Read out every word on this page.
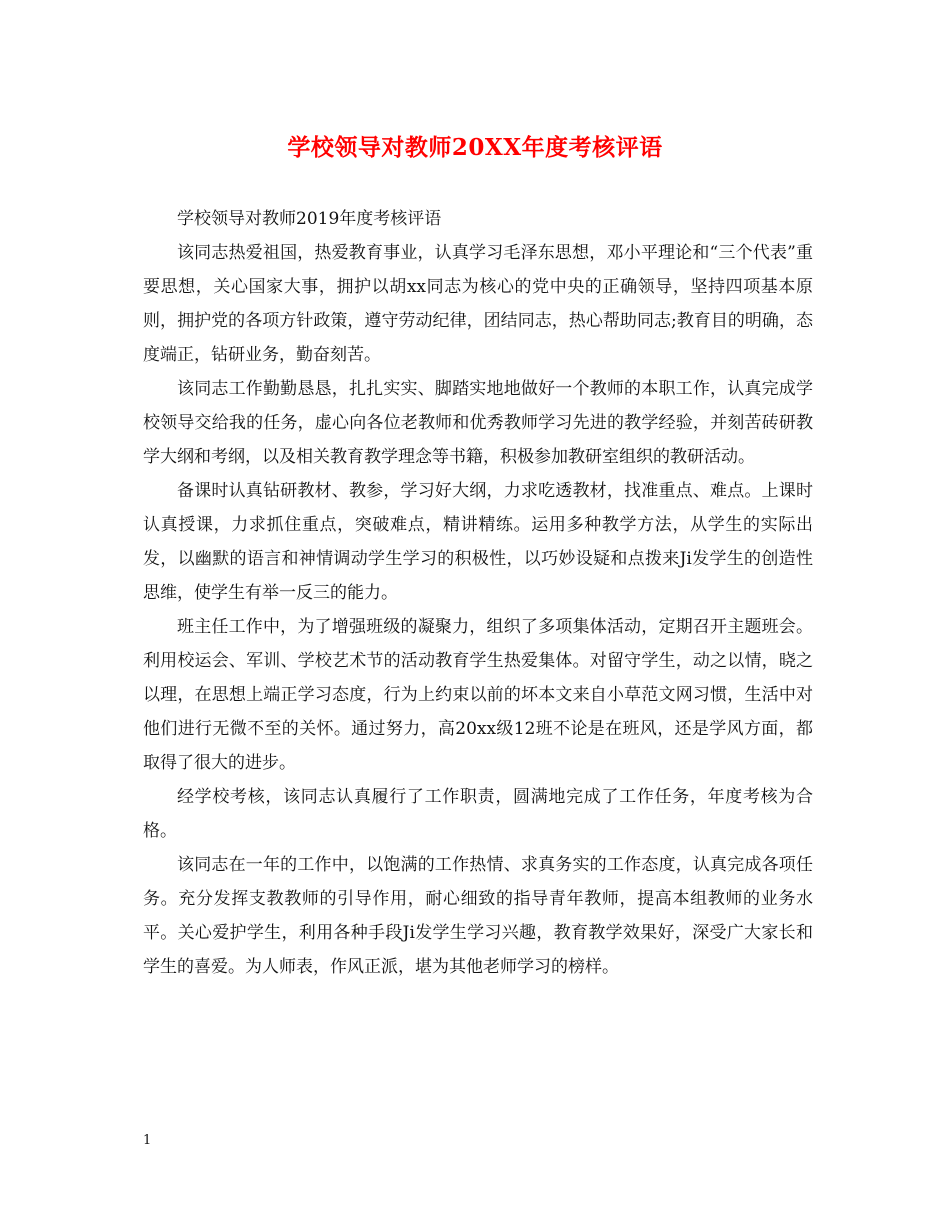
学校领导对教师20XX年度考核评语

学校领导对教师2019年度考核评语

该同志热爱祖国，热爱教育事业，认真学习毛泽东思想，邓小平理论和“三个代表”重要思想，关心国家大事，拥护以胡xx同志为核心的党中央的正确领导，坚持四项基本原则，拥护党的各项方针政策，遵守劳动纪律，团结同志，热心帮助同志;教育目的明确，态度端正，钻研业务，勤奋刻苦。

该同志工作勤勤恳恳，扎扎实实、脚踏实地地做好一个教师的本职工作，认真完成学校领导交给我的任务，虚心向各位老教师和优秀教师学习先进的教学经验，并刻苦砖研教学大纲和考纲，以及相关教育教学理念等书籍，积极参加教研室组织的教研活动。

备课时认真钻研教材、教参，学习好大纲，力求吃透教材，找准重点、难点。上课时认真授课，力求抓住重点，突破难点，精讲精练。运用多种教学方法，从学生的实际出发，以幽默的语言和神情调动学生学习的积极性，以巧妙设疑和点拨来Ji发学生的创造性思维，使学生有举一反三的能力。

班主任工作中，为了增强班级的凝聚力，组织了多项集体活动，定期召开主题班会。利用校运会、军训、学校艺术节的活动教育学生热爱集体。对留守学生，动之以情，晓之以理，在思想上端正学习态度，行为上约束以前的坏本文来自小草范文网习惯，生活中对他们进行无微不至的关怀。通过努力，高20xx级12班不论是在班风，还是学风方面，都取得了很大的进步。

经学校考核，该同志认真履行了工作职责，圆满地完成了工作任务，年度考核为合格。

该同志在一年的工作中，以饱满的工作热情、求真务实的工作态度，认真完成各项任务。充分发挥支教教师的引导作用，耐心细致的指导青年教师，提高本组教师的业务水平。关心爱护学生，利用各种手段Ji发学生学习兴趣，教育教学效果好，深受广大家长和学生的喜爱。为人师表，作风正派，堪为其他老师学习的榜样。

1
